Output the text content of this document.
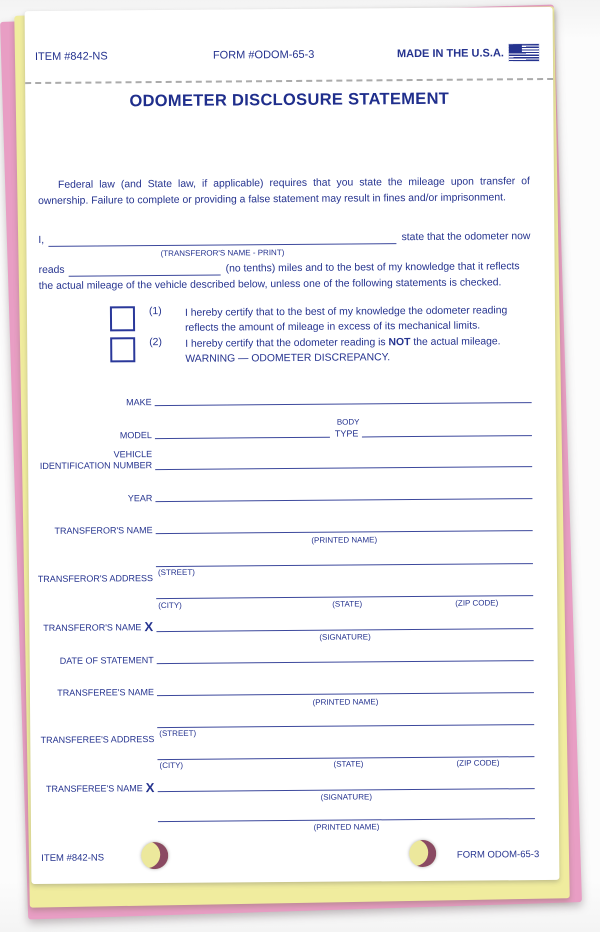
ITEM #842-NS	FORM #ODOM-65-3	MADE IN THE U.S.A.
ODOMETER DISCLOSURE STATEMENT

Federal law (and State law, if applicable) requires that you state the mileage upon transfer of ownership. Failure to complete or providing a false statement may result in fines and/or imprisonment.

I,
(TRANSFEROR'S NAME - PRINT)
state that the odometer now
reads	(no tenths) miles and to the best of my knowledge that it reflects
the actual mileage of the vehicle described below, unless one of the following statements is checked.
(1) I hereby certify that to the best of my knowledge the odometer reading
reflects the amount of mileage in excess of its mechanical limits.
(2) I hereby certify that the odometer reading is NOT the actual mileage.
WARNING — ODOMETER DISCREPANCY.
MAKE
BODY
MODEL	TYPE
VEHICLE
IDENTIFICATION NUMBER
YEAR
TRANSFEROR'S NAME
(PRINTED NAME)
(STREET)
TRANSFEROR'S ADDRESS
(CITY)	(STATE)	(ZIP CODE)
TRANSFEROR'S NAME X
(SIGNATURE)
DATE OF STATEMENT
TRANSFEREE'S NAME
(PRINTED NAME)
(STREET)
TRANSFEREE'S ADDRESS
(CITY)	(STATE)	(ZIP CODE)
TRANSFEREE'S NAME X
(SIGNATURE)
(PRINTED NAME)
ITEM #842-NS	FORM ODOM-65-3
